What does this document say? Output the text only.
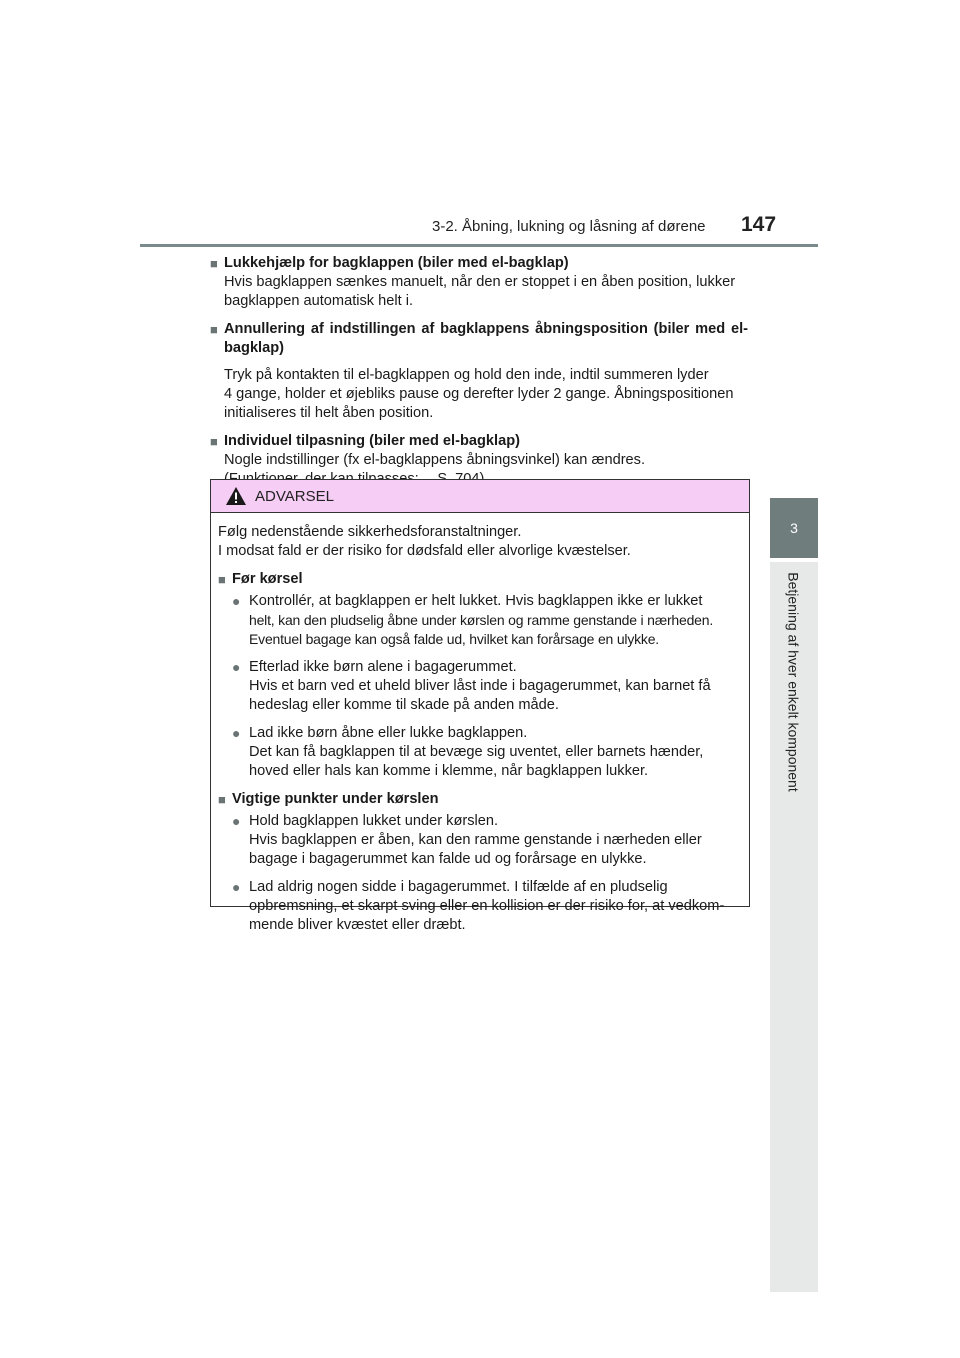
3-2. Åbning, lukning og låsning af dørene 147
3
Betjening af hver enkelt komponent
■ Lukkehjælp for bagklappen (biler med el-bagklap)
Hvis bagklappen sænkes manuelt, når den er stoppet i en åben position, lukker
bagklappen automatisk helt i.
■ Annullering af indstillingen af bagklappens åbningsposition (biler med el-bagklap)
Tryk på kontakten til el-bagklappen og hold den inde, indtil summeren lyder
4 gange, holder et øjebliks pause og derefter lyder 2 gange. Åbningspositionen
initialiseres til helt åben position.
■ Individuel tilpasning (biler med el-bagklap)
Nogle indstillinger (fx el-bagklappens åbningsvinkel) kan ændres.
ADVARSEL
Følg nedenstående sikkerhedsforanstaltninger.
I modsat fald er der risiko for dødsfald eller alvorlige kvæstelser.
■ Før kørsel
● Kontrollér, at bagklappen er helt lukket. Hvis bagklappen ikke er lukket
helt, kan den pludselig åbne under kørslen og ramme genstande i nærheden.
Eventuel bagage kan også falde ud, hvilket kan forårsage en ulykke.
● Efterlad ikke børn alene i bagagerummet.
Hvis et barn ved et uheld bliver låst inde i bagagerummet, kan barnet få
hedeslag eller komme til skade på anden måde.
● Lad ikke børn åbne eller lukke bagklappen.
Det kan få bagklappen til at bevæge sig uventet, eller barnets hænder,
hoved eller hals kan komme i klemme, når bagklappen lukker.
■ Vigtige punkter under kørslen
● Hold bagklappen lukket under kørslen.
Hvis bagklappen er åben, kan den ramme genstande i nærheden eller
bagage i bagagerummet kan falde ud og forårsage en ulykke.
● Lad aldrig nogen sidde i bagagerummet. I tilfælde af en pludselig
opbremsning, et skarpt sving eller en kollision er der risiko for, at vedkom-
mende bliver kvæstet eller dræbt.
